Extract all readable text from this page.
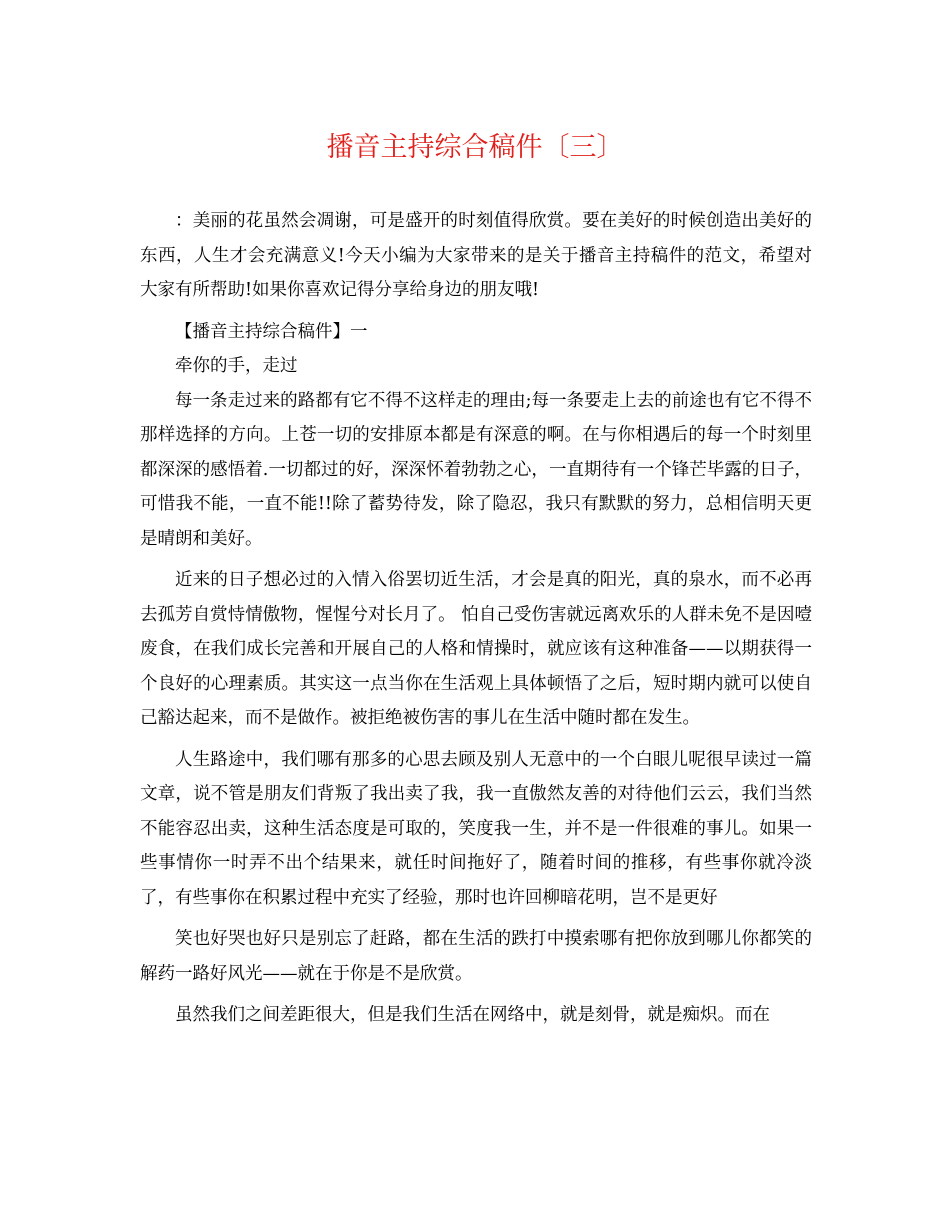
播音主持综合稿件〔三〕

：美丽的花虽然会凋谢，可是盛开的时刻值得欣赏。要在美好的时候创造出美好的东西，人生才会充满意义!今天小编为大家带来的是关于播音主持稿件的范文，希望对大家有所帮助!如果你喜欢记得分享给身边的朋友哦!

【播音主持综合稿件】一

牵你的手，走过

每一条走过来的路都有它不得不这样走的理由;每一条要走上去的前途也有它不得不那样选择的方向。上苍一切的安排原本都是有深意的啊。在与你相遇后的每一个时刻里都深深的感悟着.一切都过的好，深深怀着勃勃之心，一直期待有一个锋芒毕露的日子，可惜我不能，一直不能!!除了蓄势待发，除了隐忍，我只有默默的努力，总相信明天更是晴朗和美好。

近来的日子想必过的入情入俗罢切近生活，才会是真的阳光，真的泉水，而不必再去孤芳自赏恃情傲物，惺惺兮对长月了。 怕自己受伤害就远离欢乐的人群未免不是因噎废食，在我们成长完善和开展自己的人格和情操时，就应该有这种准备——以期获得一个良好的心理素质。其实这一点当你在生活观上具体顿悟了之后，短时期内就可以使自己豁达起来，而不是做作。被拒绝被伤害的事儿在生活中随时都在发生。

人生路途中，我们哪有那多的心思去顾及别人无意中的一个白眼儿呢很早读过一篇文章，说不管是朋友们背叛了我出卖了我，我一直傲然友善的对待他们云云，我们当然不能容忍出卖，这种生活态度是可取的，笑度我一生，并不是一件很难的事儿。如果一些事情你一时弄不出个结果来，就任时间拖好了，随着时间的推移，有些事你就冷淡了，有些事你在积累过程中充实了经验，那时也许回柳暗花明，岂不是更好

笑也好哭也好只是别忘了赶路，都在生活的跌打中摸索哪有把你放到哪儿你都笑的解药一路好风光——就在于你是不是欣赏。

虽然我们之间差距很大，但是我们生活在网络中，就是刻骨，就是痴炽。而在
